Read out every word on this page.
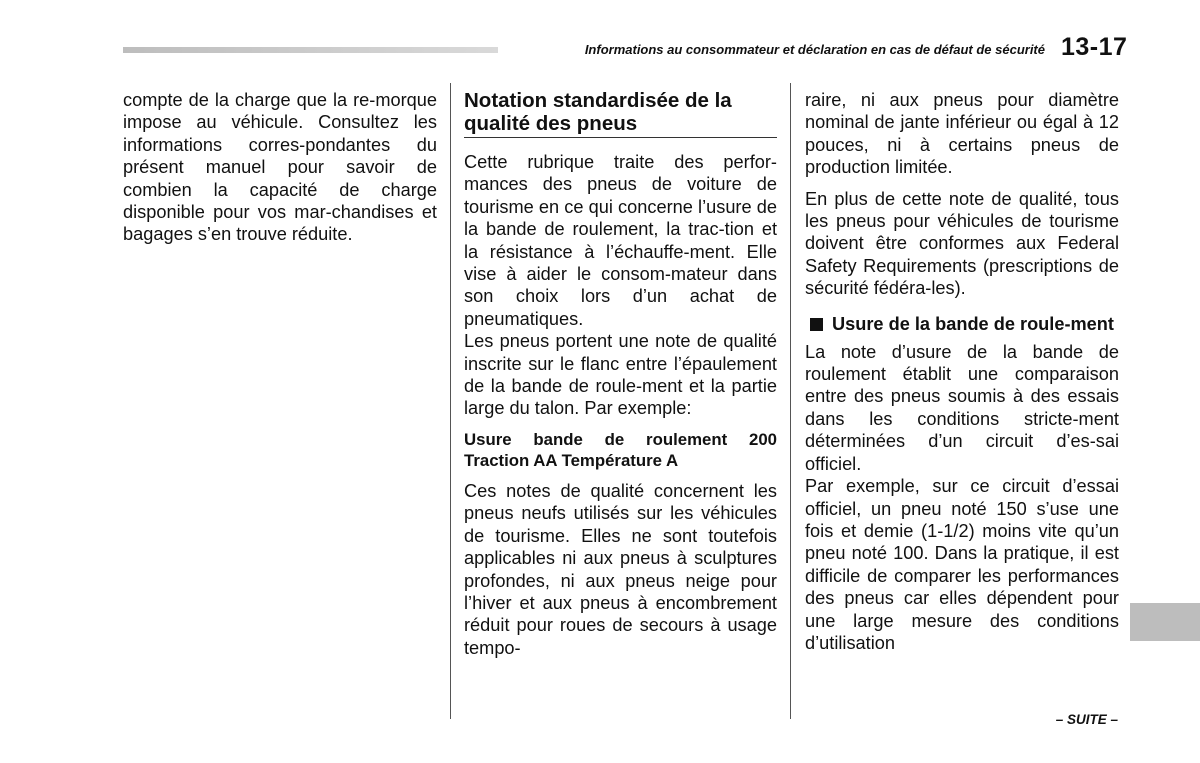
Informations au consommateur et déclaration en cas de défaut de sécurité 13-17

compte de la charge que la re-morque impose au véhicule. Consultez les informations corres-pondantes du présent manuel pour savoir de combien la capacité de charge disponible pour vos mar-chandises et bagages s’en trouve réduite.

Notation standardisée de la qualité des pneus

Cette rubrique traite des perfor-mances des pneus de voiture de tourisme en ce qui concerne l’usure de la bande de roulement, la trac-tion et la résistance à l’échauffe-ment. Elle vise à aider le consom-mateur dans son choix lors d’un achat de pneumatiques.

Les pneus portent une note de qualité inscrite sur le flanc entre l’épaulement de la bande de roule-ment et la partie large du talon. Par exemple:

Usure bande de roulement 200 Traction AA Température A

Ces notes de qualité concernent les pneus neufs utilisés sur les véhicules de tourisme. Elles ne sont toutefois applicables ni aux pneus à sculptures profondes, ni aux pneus neige pour l’hiver et aux pneus à encombrement réduit pour roues de secours à usage tempo-

raire, ni aux pneus pour diamètre nominal de jante inférieur ou égal à 12 pouces, ni à certains pneus de production limitée.

En plus de cette note de qualité, tous les pneus pour véhicules de tourisme doivent être conformes aux Federal Safety Requirements (prescriptions de sécurité fédéra-les).

Usure de la bande de roule-ment

La note d’usure de la bande de roulement établit une comparaison entre des pneus soumis à des essais dans les conditions stricte-ment déterminées d’un circuit d’es-sai officiel.

Par exemple, sur ce circuit d’essai officiel, un pneu noté 150 s’use une fois et demie (1-1/2) moins vite qu’un pneu noté 100. Dans la pratique, il est difficile de comparer les performances des pneus car elles dépendent pour une large mesure des conditions d’utilisation

– SUITE –
